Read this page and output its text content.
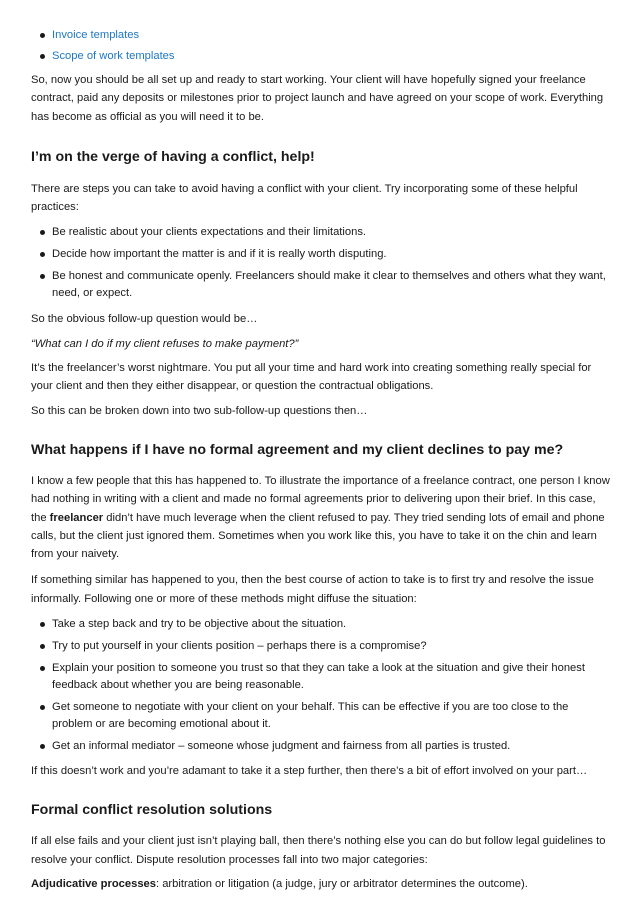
Invoice templates
Scope of work templates

So, now you should be all set up and ready to start working. Your client will have hopefully signed your freelance contract, paid any deposits or milestones prior to project launch and have agreed on your scope of work. Everything has become as official as you will need it to be.

I’m on the verge of having a conflict, help!

There are steps you can take to avoid having a conflict with your client. Try incorporating some of these helpful practices:

Be realistic about your clients expectations and their limitations.
Decide how important the matter is and if it is really worth disputing.
Be honest and communicate openly. Freelancers should make it clear to themselves and others what they want, need, or expect.

So the obvious follow-up question would be…

“What can I do if my client refuses to make payment?”

It’s the freelancer’s worst nightmare. You put all your time and hard work into creating something really special for your client and then they either disappear, or question the contractual obligations.

So this can be broken down into two sub-follow-up questions then…

What happens if I have no formal agreement and my client declines to pay me?

I know a few people that this has happened to. To illustrate the importance of a freelance contract, one person I know had nothing in writing with a client and made no formal agreements prior to delivering upon their brief. In this case, the freelancer didn’t have much leverage when the client refused to pay. They tried sending lots of email and phone calls, but the client just ignored them. Sometimes when you work like this, you have to take it on the chin and learn from your naivety.

If something similar has happened to you, then the best course of action to take is to first try and resolve the issue informally. Following one or more of these methods might diffuse the situation:

Take a step back and try to be objective about the situation.
Try to put yourself in your clients position – perhaps there is a compromise?
Explain your position to someone you trust so that they can take a look at the situation and give their honest feedback about whether you are being reasonable.
Get someone to negotiate with your client on your behalf. This can be effective if you are too close to the problem or are becoming emotional about it.
Get an informal mediator – someone whose judgment and fairness from all parties is trusted.

If this doesn’t work and you’re adamant to take it a step further, then there’s a bit of effort involved on your part…

Formal conflict resolution solutions

If all else fails and your client just isn’t playing ball, then there’s nothing else you can do but follow legal guidelines to resolve your conflict. Dispute resolution processes fall into two major categories:

Adjudicative processes: arbitration or litigation (a judge, jury or arbitrator determines the outcome).
